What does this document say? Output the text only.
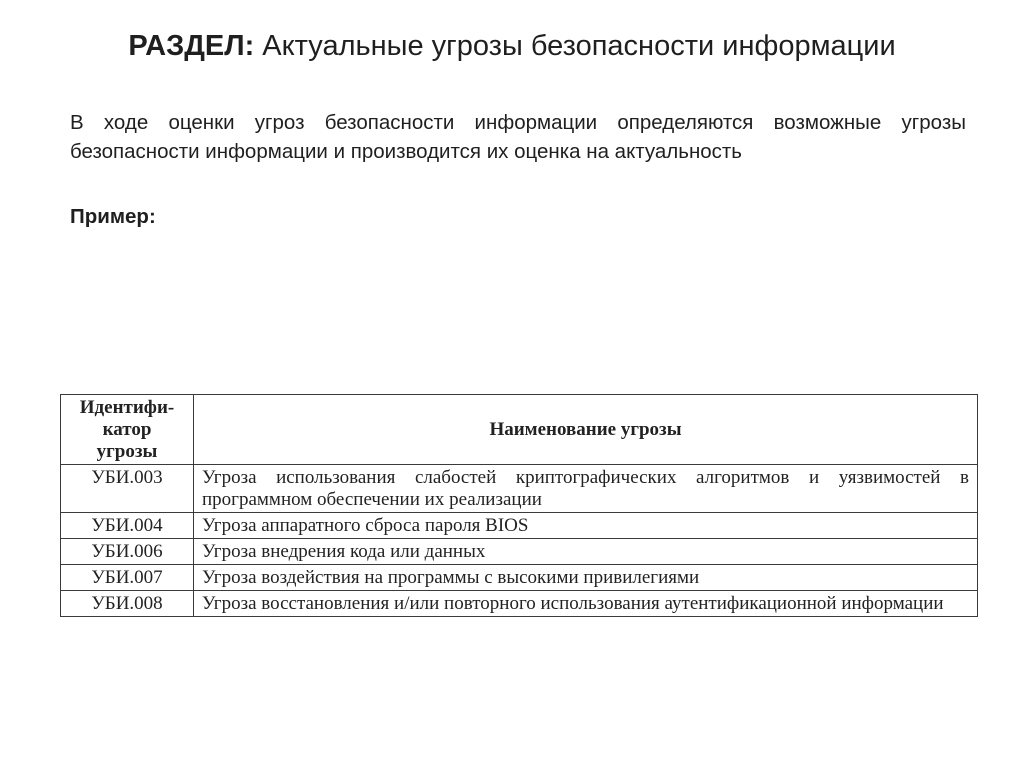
РАЗДЕЛ: Актуальные угрозы безопасности информации
В ходе оценки угроз безопасности информации определяются возможные угрозы безопасности информации и производится их оценка на актуальность
Пример:
Идентифи-
катор
угрозы	Наименование угрозы
УБИ.003	Угроза использования слабостей криптографических алгоритмов и уязвимостей в программном обеспечении их реализации
УБИ.004	Угроза аппаратного сброса пароля BIOS
УБИ.006	Угроза внедрения кода или данных
УБИ.007	Угроза воздействия на программы с высокими привилегиями
УБИ.008	Угроза восстановления и/или повторного использования аутентификационной информации
